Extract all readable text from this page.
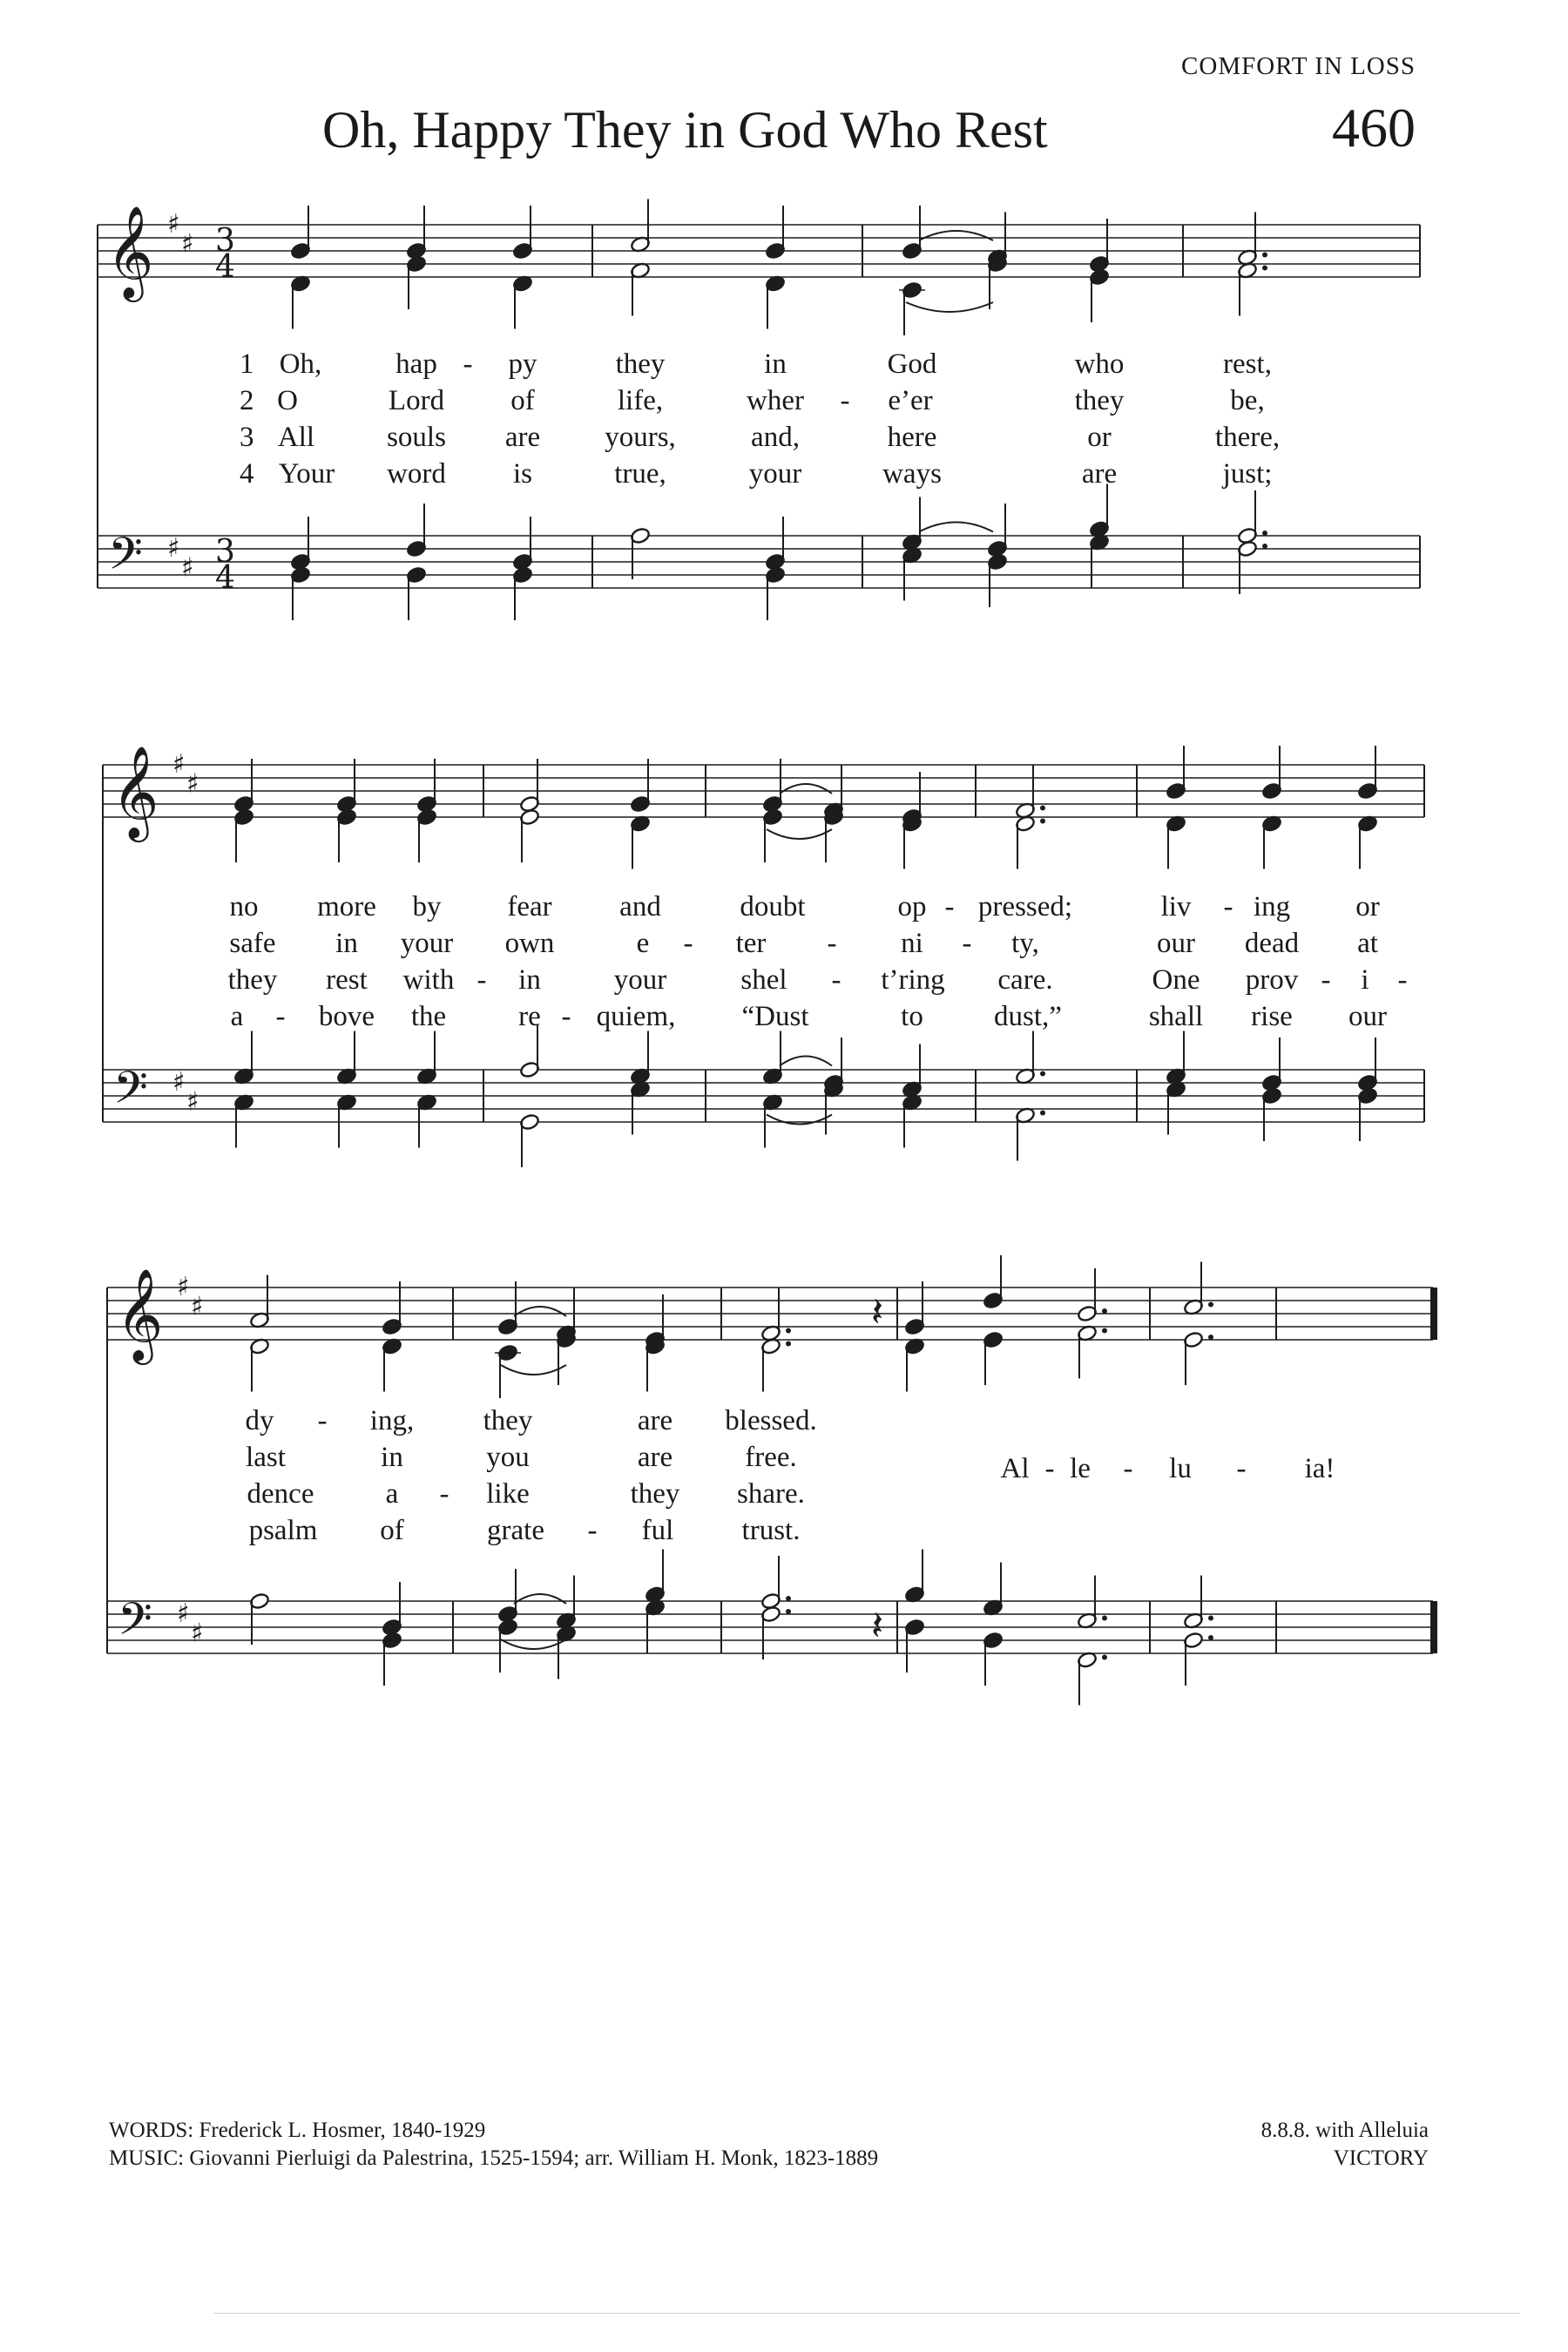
COMFORT IN LOSS
Oh, Happy They in God Who Rest	460
𝄞
𝄢
♯
♯
♯
♯
3
4
3
4
𝄞
𝄢
♯
♯
♯
♯
𝄞
𝄢
♯
♯
♯
♯
𝄽
𝄽
1 Oh,	hap - py	they	in	God	who	rest,
2 O	Lord of	life,	wher - e’er	they	be,
3 All	souls are yours,	and,	here	or	there,
4 Your word is	true,	your	ways	are	just;
no more by fear and	doubt	op - pressed;	liv - ing or
safe in your own	e - ter - ni - ty,	our dead at
they rest with - in	your	shel - t’ring care.	One prov - i -
a - bove the	re - quiem, “Dust	to dust,”	shall rise our
dy - ing, they	are blessed.
last	in	you	are	free.
dence a - like	they share.
psalm of	grate - ful trust.
Al - le - lu - ia!
WORDS: Frederick L. Hosmer, 1840-1929
MUSIC: Giovanni Pierluigi da Palestrina, 1525-1594; arr. William H. Monk, 1823-1889
8.8.8. with Alleluia
VICTORY
